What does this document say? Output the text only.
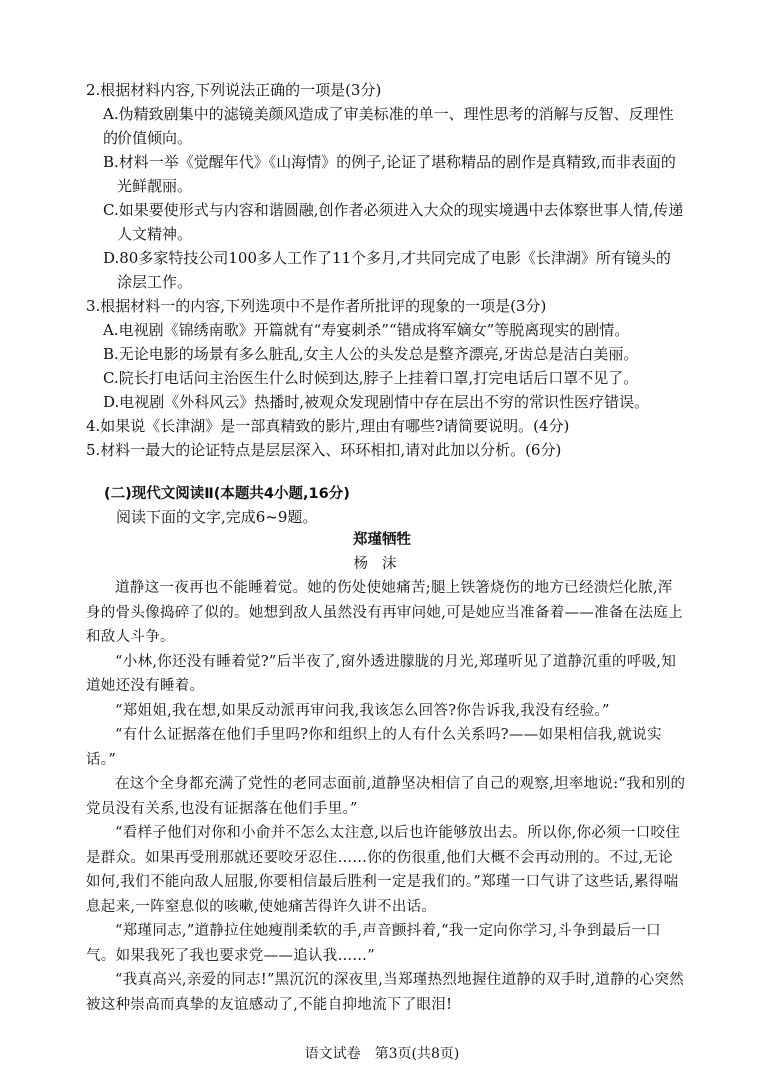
2.根据材料内容,下列说法正确的一项是(3分)
A.伪精致剧集中的滤镜美颜风造成了审美标准的单一、理性思考的消解与反智、反理性的
价值倾向。
B.材料一举《觉醒年代》《山海情》的例子,论证了堪称精品的剧作是真精致,而非表面的
光鲜靓丽。
C.如果要使形式与内容和谐圆融,创作者必须进入大众的现实境遇中去体察世事人情,传递
人文精神。
D.80多家特技公司100多人工作了11个多月,才共同完成了电影《长津湖》所有镜头的
涂层工作。
3.根据材料一的内容,下列选项中不是作者所批评的现象的一项是(3分)
A.电视剧《锦绣南歌》开篇就有“寿宴刺杀”“错成将军嫡女”等脱离现实的剧情。
B.无论电影的场景有多么脏乱,女主人公的头发总是整齐漂亮,牙齿总是洁白美丽。
C.院长打电话问主治医生什么时候到达,脖子上挂着口罩,打完电话后口罩不见了。
D.电视剧《外科风云》热播时,被观众发现剧情中存在层出不穷的常识性医疗错误。
4.如果说《长津湖》是一部真精致的影片,理由有哪些?请简要说明。(4分)
5.材料一最大的论证特点是层层深入、环环相扣,请对此加以分析。(6分)
(二)现代文阅读Ⅱ(本题共4小题,16分)
阅读下面的文字,完成6~9题。
郑瑾牺牲
杨沫

道静这一夜再也不能睡着觉。她的伤处使她痛苦;腿上铁箸烧伤的地方已经溃烂化脓,浑身的骨头像捣碎了似的。她想到敌人虽然没有再审问她,可是她应当准备着——准备在法庭上和敌人斗争。

“小林,你还没有睡着觉?”后半夜了,窗外透进朦胧的月光,郑瑾听见了道静沉重的呼吸,知道她还没有睡着。

“郑姐姐,我在想,如果反动派再审问我,我该怎么回答?你告诉我,我没有经验。”

“有什么证据落在他们手里吗?你和组织上的人有什么关系吗?——如果相信我,就说实话。”

在这个全身都充满了党性的老同志面前,道静坚决相信了自己的观察,坦率地说:“我和别的党员没有关系,也没有证据落在他们手里。”

“看样子他们对你和小俞并不怎么太注意,以后也许能够放出去。所以你,你必须一口咬住是群众。如果再受刑那就还要咬牙忍住……你的伤很重,他们大概不会再动刑的。不过,无论如何,我们不能向敌人屈服,你要相信最后胜利一定是我们的。”郑瑾一口气讲了这些话,累得喘息起来,一阵窒息似的咳嗽,使她痛苦得许久讲不出话。

“郑瑾同志,”道静拉住她瘦削柔软的手,声音颤抖着,“我一定向你学习,斗争到最后一口气。如果我死了我也要求党——追认我……”

“我真高兴,亲爱的同志!”黑沉沉的深夜里,当郑瑾热烈地握住道静的双手时,道静的心突然被这种崇高而真挚的友谊感动了,不能自抑地流下了眼泪!

语文试卷　第3页(共8页)
